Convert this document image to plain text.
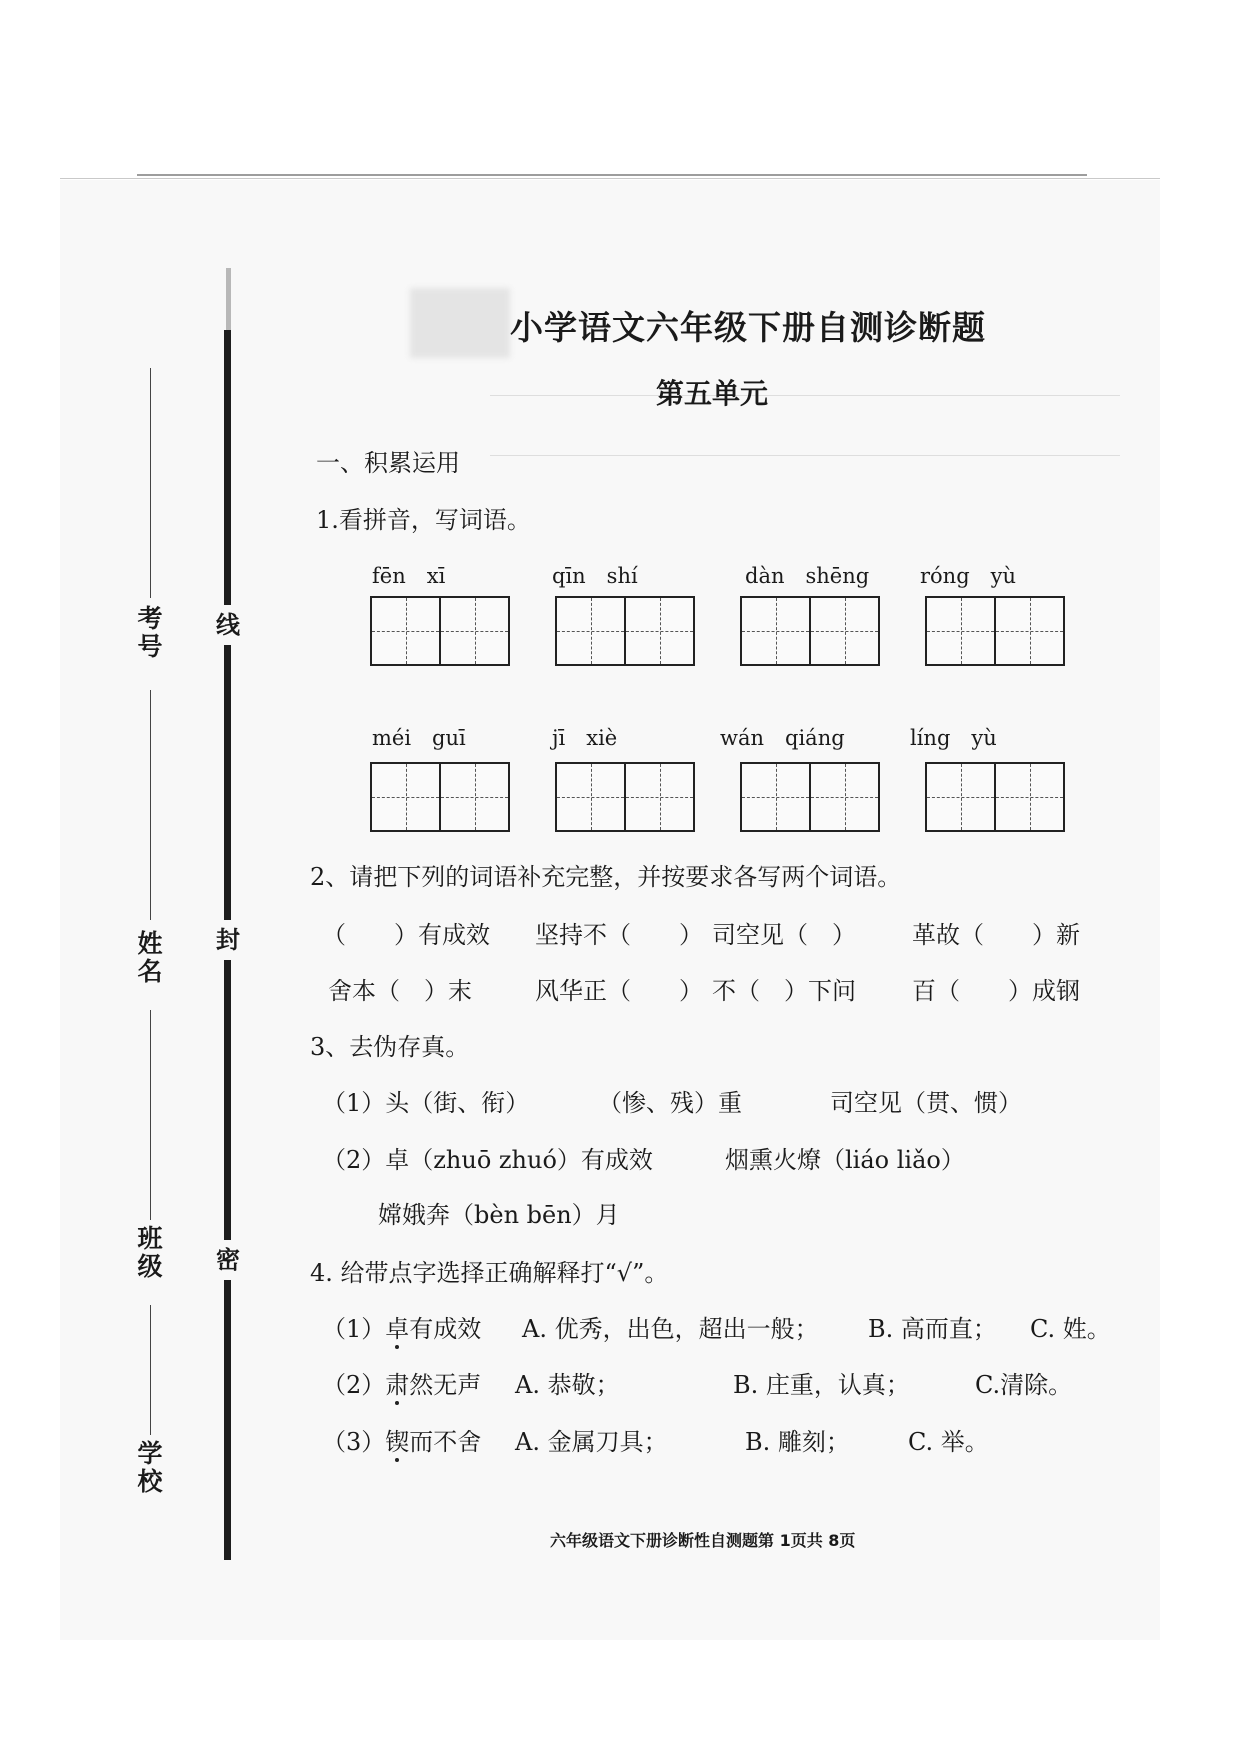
线
封
密
考号
姓名
班级
学校
小学语文六年级下册自测诊断题
第五单元
一、积累运用
1.看拼音，写词语。
fēn　xī	qīn　shí	dàn　shēng róng　yù
méi　guī	jī　xiè	wán　qiáng	líng　yù
2、请把下列的词语补充完整，并按要求各写两个词语。
（　　）有成效 坚持不（　　） 司空见（　） 革故（　　）新
舍本（　）末	风华正（　　） 不（　）下问 百（　　）成钢
3、去伪存真。
（1）头（街、衔）	（惨、残）重	司空见（贯、惯）
（2）卓（zhuō zhuó）有成效	烟熏火燎（liáo liǎo）
嫦娥奔（bèn bēn）月
4. 给带点字选择正确解释打“√”。
（1）卓有成效 A. 优秀，出色，超出一般； B. 高而直； C. 姓。
（2）肃然无声 A. 恭敬；	B. 庄重，认真；	C.清除。
（3）锲而不舍 A. 金属刀具；	B. 雕刻； C. 举。
六年级语文下册诊断性自测题第 1页共 8页
